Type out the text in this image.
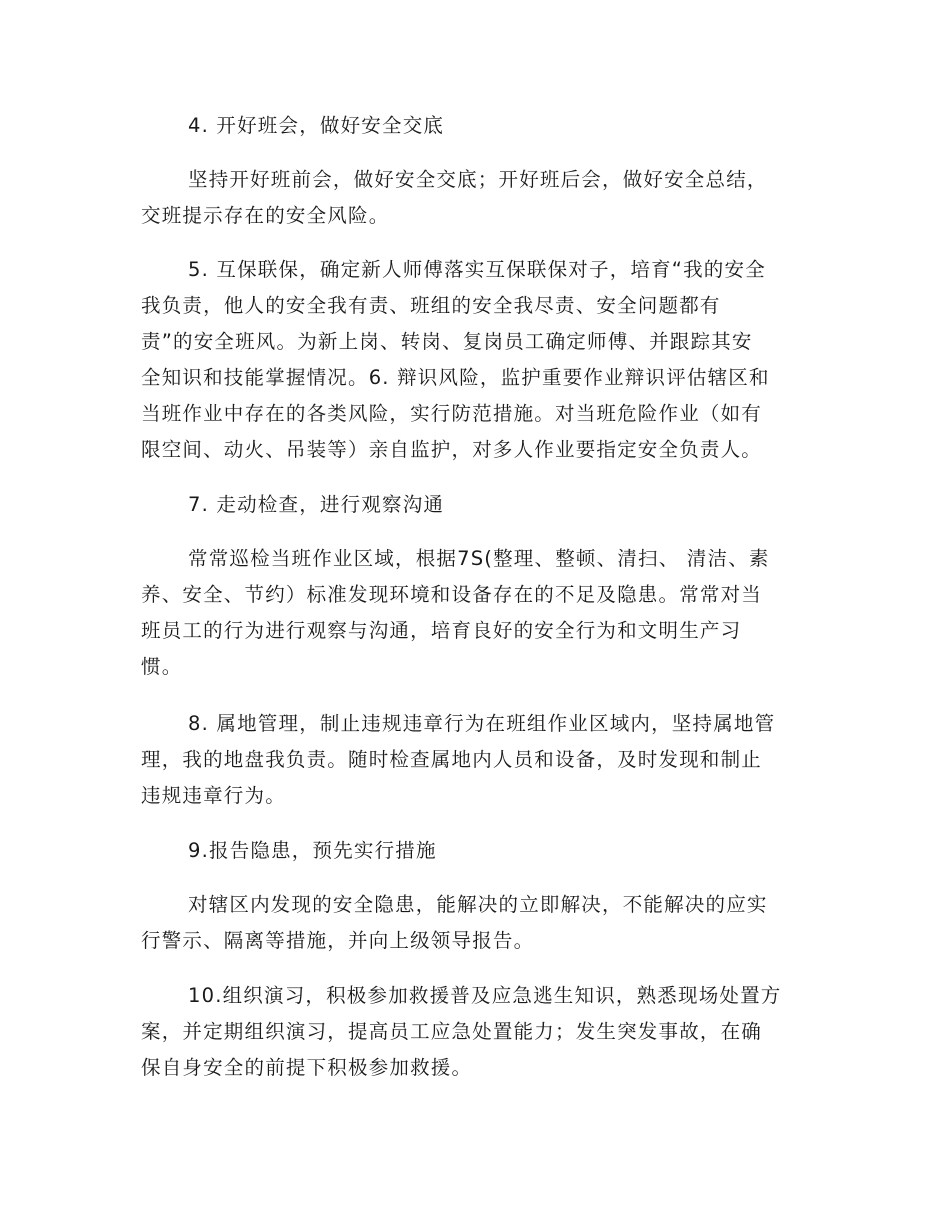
4. 开好班会，做好安全交底

坚持开好班前会，做好安全交底；开好班后会，做好安全总结，
交班提示存在的安全风险。

5. 互保联保，确定新人师傅落实互保联保对子，培育“我的安全
我负责，他人的安全我有责、班组的安全我尽责、安全问题都有
责”的安全班风。为新上岗、转岗、复岗员工确定师傅、并跟踪其安
全知识和技能掌握情况。6. 辩识风险，监护重要作业辩识评估辖区和
当班作业中存在的各类风险，实行防范措施。对当班危险作业（如有
限空间、动火、吊装等）亲自监护，对多人作业要指定安全负责人。

7. 走动检查，进行观察沟通

常常巡检当班作业区域，根据7S(整理、整顿、清扫、 清洁、素
养、安全、节约）标准发现环境和设备存在的不足及隐患。常常对当
班员工的行为进行观察与沟通，培育良好的安全行为和文明生产习
惯。

8. 属地管理，制止违规违章行为在班组作业区域内，坚持属地管
理，我的地盘我负责。随时检查属地内人员和设备，及时发现和制止
违规违章行为。

9.报告隐患，预先实行措施

对辖区内发现的安全隐患，能解决的立即解决，不能解决的应实
行警示、隔离等措施，并向上级领导报告。

10.组织演习，积极参加救援普及应急逃生知识，熟悉现场处置方
案，并定期组织演习，提高员工应急处置能力；发生突发事故，在确
保自身安全的前提下积极参加救援。
